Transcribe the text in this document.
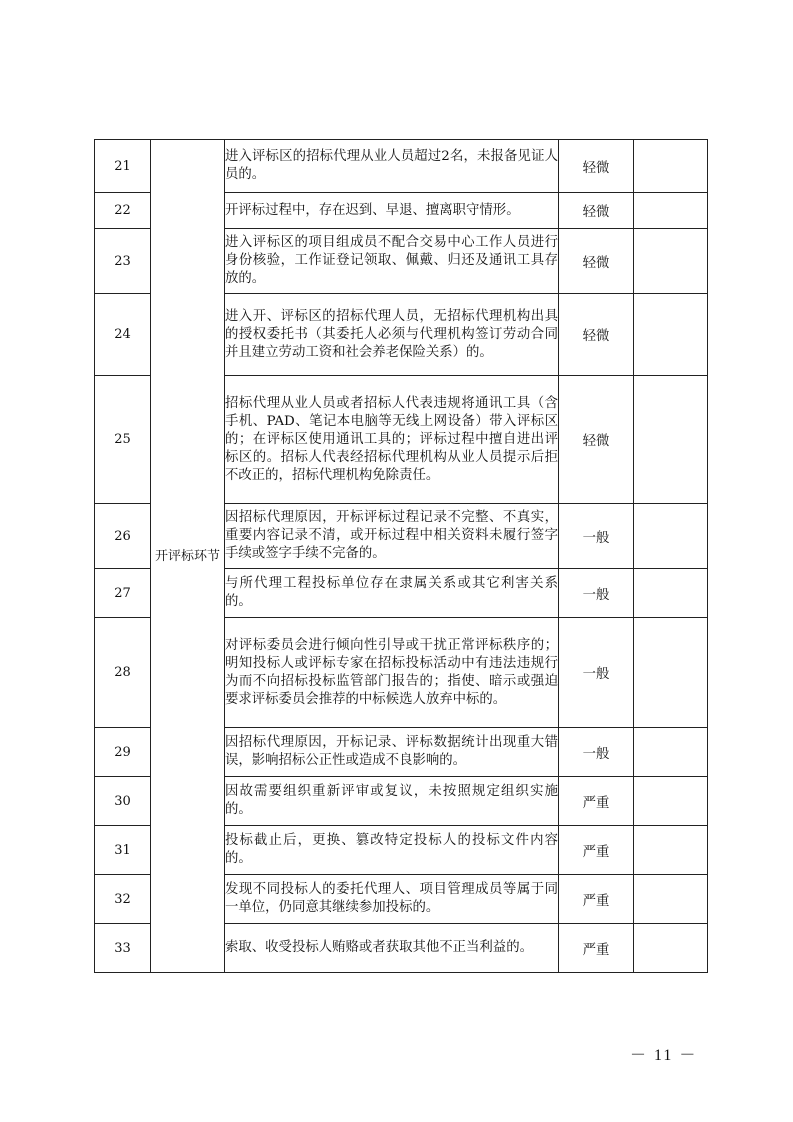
21	开评标环节	进入评标区的招标代理从业人员超过2名，未报备见证人员的。	轻微	
22		开评标过程中，存在迟到、早退、擅离职守情形。	轻微	
23		进入评标区的项目组成员不配合交易中心工作人员进行身份核验，工作证登记领取、佩戴、归还及通讯工具存放的。	轻微	
24		进入开、评标区的招标代理人员，无招标代理机构出具的授权委托书（其委托人必须与代理机构签订劳动合同并且建立劳动工资和社会养老保险关系）的。	轻微	
25		招标代理从业人员或者招标人代表违规将通讯工具（含手机、PAD、笔记本电脑等无线上网设备）带入评标区的；在评标区使用通讯工具的；评标过程中擅自进出评标区的。招标人代表经招标代理机构从业人员提示后拒不改正的，招标代理机构免除责任。	轻微	
26		因招标代理原因，开标评标过程记录不完整、不真实，重要内容记录不清，或开标过程中相关资料未履行签字手续或签字手续不完备的。	一般	
27		与所代理工程投标单位存在隶属关系或其它利害关系的。	一般	
28		对评标委员会进行倾向性引导或干扰正常评标秩序的；明知投标人或评标专家在招标投标活动中有违法违规行为而不向招标投标监管部门报告的；指使、暗示或强迫要求评标委员会推荐的中标候选人放弃中标的。	一般	
29		因招标代理原因，开标记录、评标数据统计出现重大错误，影响招标公正性或造成不良影响的。	一般	
30		因故需要组织重新评审或复议，未按照规定组织实施的。	严重	
31		投标截止后，更换、篡改特定投标人的投标文件内容的。	严重	
32		发现不同投标人的委托代理人、项目管理成员等属于同一单位，仍同意其继续参加投标的。	严重	
33		索取、收受投标人贿赂或者获取其他不正当利益的。	严重	
－ 11 －
